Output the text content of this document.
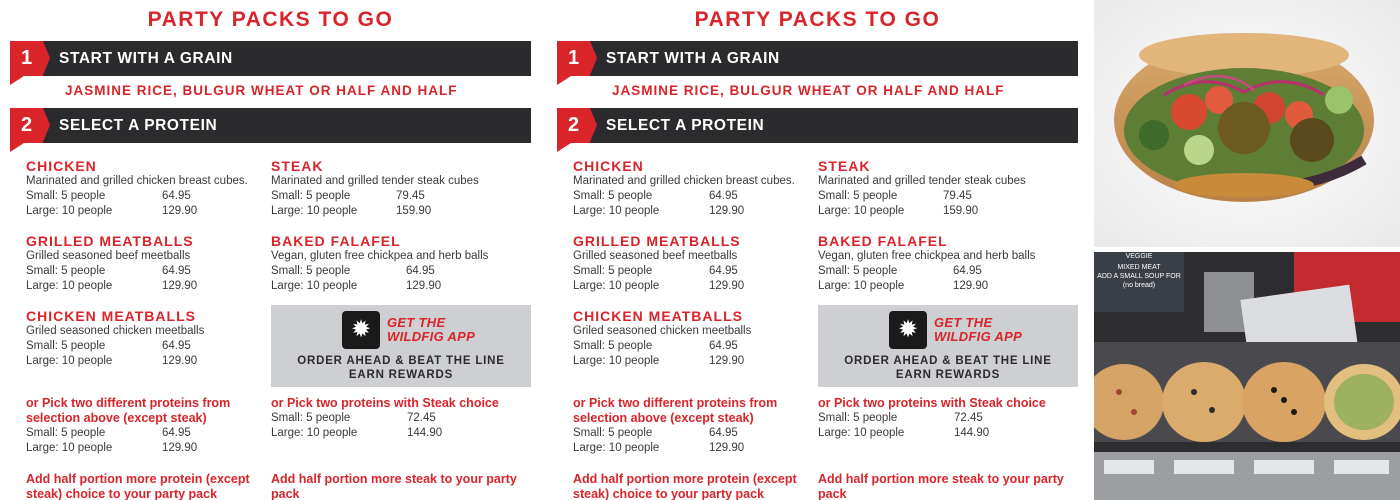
PARTY PACKS TO GO
1	START WITH A GRAIN
JASMINE RICE, BULGUR WHEAT OR HALF AND HALF
2	SELECT A PROTEIN
CHICKEN
Marinated and grilled chicken breast cubes.
Small: 5 people	64.95
Large: 10 people	129.90
GRILLED MEATBALLS
Grilled seasoned beef meetballs
Small: 5 people	64.95
Large: 10 people	129.90
CHICKEN MEATBALLS
Griled seasoned chicken meetballs
Small: 5 people	64.95
Large: 10 people	129.90
STEAK
Marinated and grilled tender steak cubes
Small: 5 people	79.45
Large: 10 people	159.90
BAKED FALAFEL
Vegan, gluten free chickpea and herb balls
Small: 5 people	64.95
Large: 10 people	129.90
✹	GET THE
WILDFIG APP
ORDER AHEAD & BEAT THE LINE
EARN REWARDS
or Pick two different proteins from selection above (except steak)
Small: 5 people	64.95
Large: 10 people	129.90
or Pick two proteins with Steak choice
Small: 5 people	72.45
Large: 10 people	144.90
Add half portion more protein (except steak) choice to your party pack
Add half portion more steak to your party pack
PARTY PACKS TO GO
1	START WITH A GRAIN
JASMINE RICE, BULGUR WHEAT OR HALF AND HALF
2	SELECT A PROTEIN
CHICKEN
Marinated and grilled chicken breast cubes.
Small: 5 people	64.95
Large: 10 people	129.90
GRILLED MEATBALLS
Grilled seasoned beef meetballs
Small: 5 people	64.95
Large: 10 people	129.90
CHICKEN MEATBALLS
Griled seasoned chicken meetballs
Small: 5 people	64.95
Large: 10 people	129.90
STEAK
Marinated and grilled tender steak cubes
Small: 5 people	79.45
Large: 10 people	159.90
BAKED FALAFEL
Vegan, gluten free chickpea and herb balls
Small: 5 people	64.95
Large: 10 people	129.90
✹	GET THE
WILDFIG APP
ORDER AHEAD & BEAT THE LINE
EARN REWARDS
or Pick two different proteins from selection above (except steak)
Small: 5 people	64.95
Large: 10 people	129.90
or Pick two proteins with Steak choice
Small: 5 people	72.45
Large: 10 people	144.90
Add half portion more protein (except steak) choice to your party pack
Add half portion more steak to your party pack
VEGGIE
MIXED MEAT
ADD A SMALL SOUP FOR
(no bread)
